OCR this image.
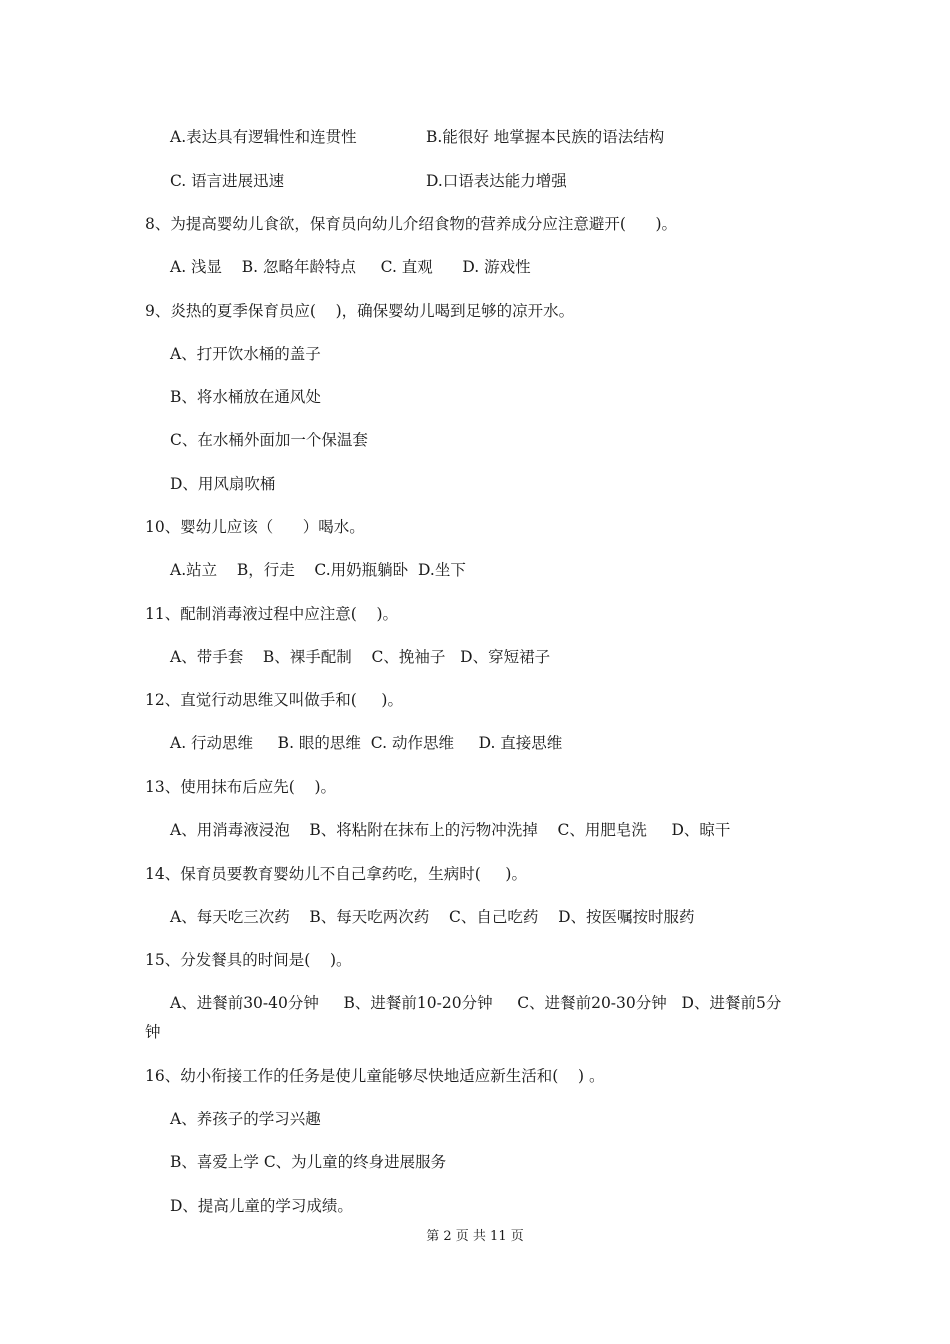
A.表达具有逻辑性和连贯性	B.能很好 地掌握本民族的语法结构

C. 语言进展迅速	D.口语表达能力增强

8、为提高婴幼儿食欲，保育员向幼儿介绍食物的营养成分应注意避开(      )。

A. 浅显    B. 忽略年龄特点     C. 直观      D. 游戏性

9、炎热的夏季保育员应(    )，确保婴幼儿喝到足够的凉开水。

A、打开饮水桶的盖子

B、将水桶放在通风处

C、在水桶外面加一个保温套

D、用风扇吹桶

10、婴幼儿应该（      ）喝水。

A.站立    B，行走    C.用奶瓶躺卧  D.坐下

11、配制消毒液过程中应注意(    )。

A、带手套    B、裸手配制    C、挽袖子   D、穿短裙子

12、直觉行动思维又叫做手和(     )。

A. 行动思维     B. 眼的思维  C. 动作思维     D. 直接思维

13、使用抹布后应先(    )。

A、用消毒液浸泡    B、将粘附在抹布上的污物冲洗掉    C、用肥皂洗     D、晾干

14、保育员要教育婴幼儿不自己拿药吃，生病时(     )。

A、每天吃三次药    B、每天吃两次药    C、自己吃药    D、按医嘱按时服药

15、分发餐具的时间是(    )。

A、进餐前30-40分钟     B、进餐前10-20分钟     C、进餐前20-30分钟   D、进餐前5分

钟

16、幼小衔接工作的任务是使儿童能够尽快地适应新生活和(    ) 。

A、养孩子的学习兴趣

B、喜爱上学 C、为儿童的终身进展服务

D、提高儿童的学习成绩。

第 2 页 共 11 页
